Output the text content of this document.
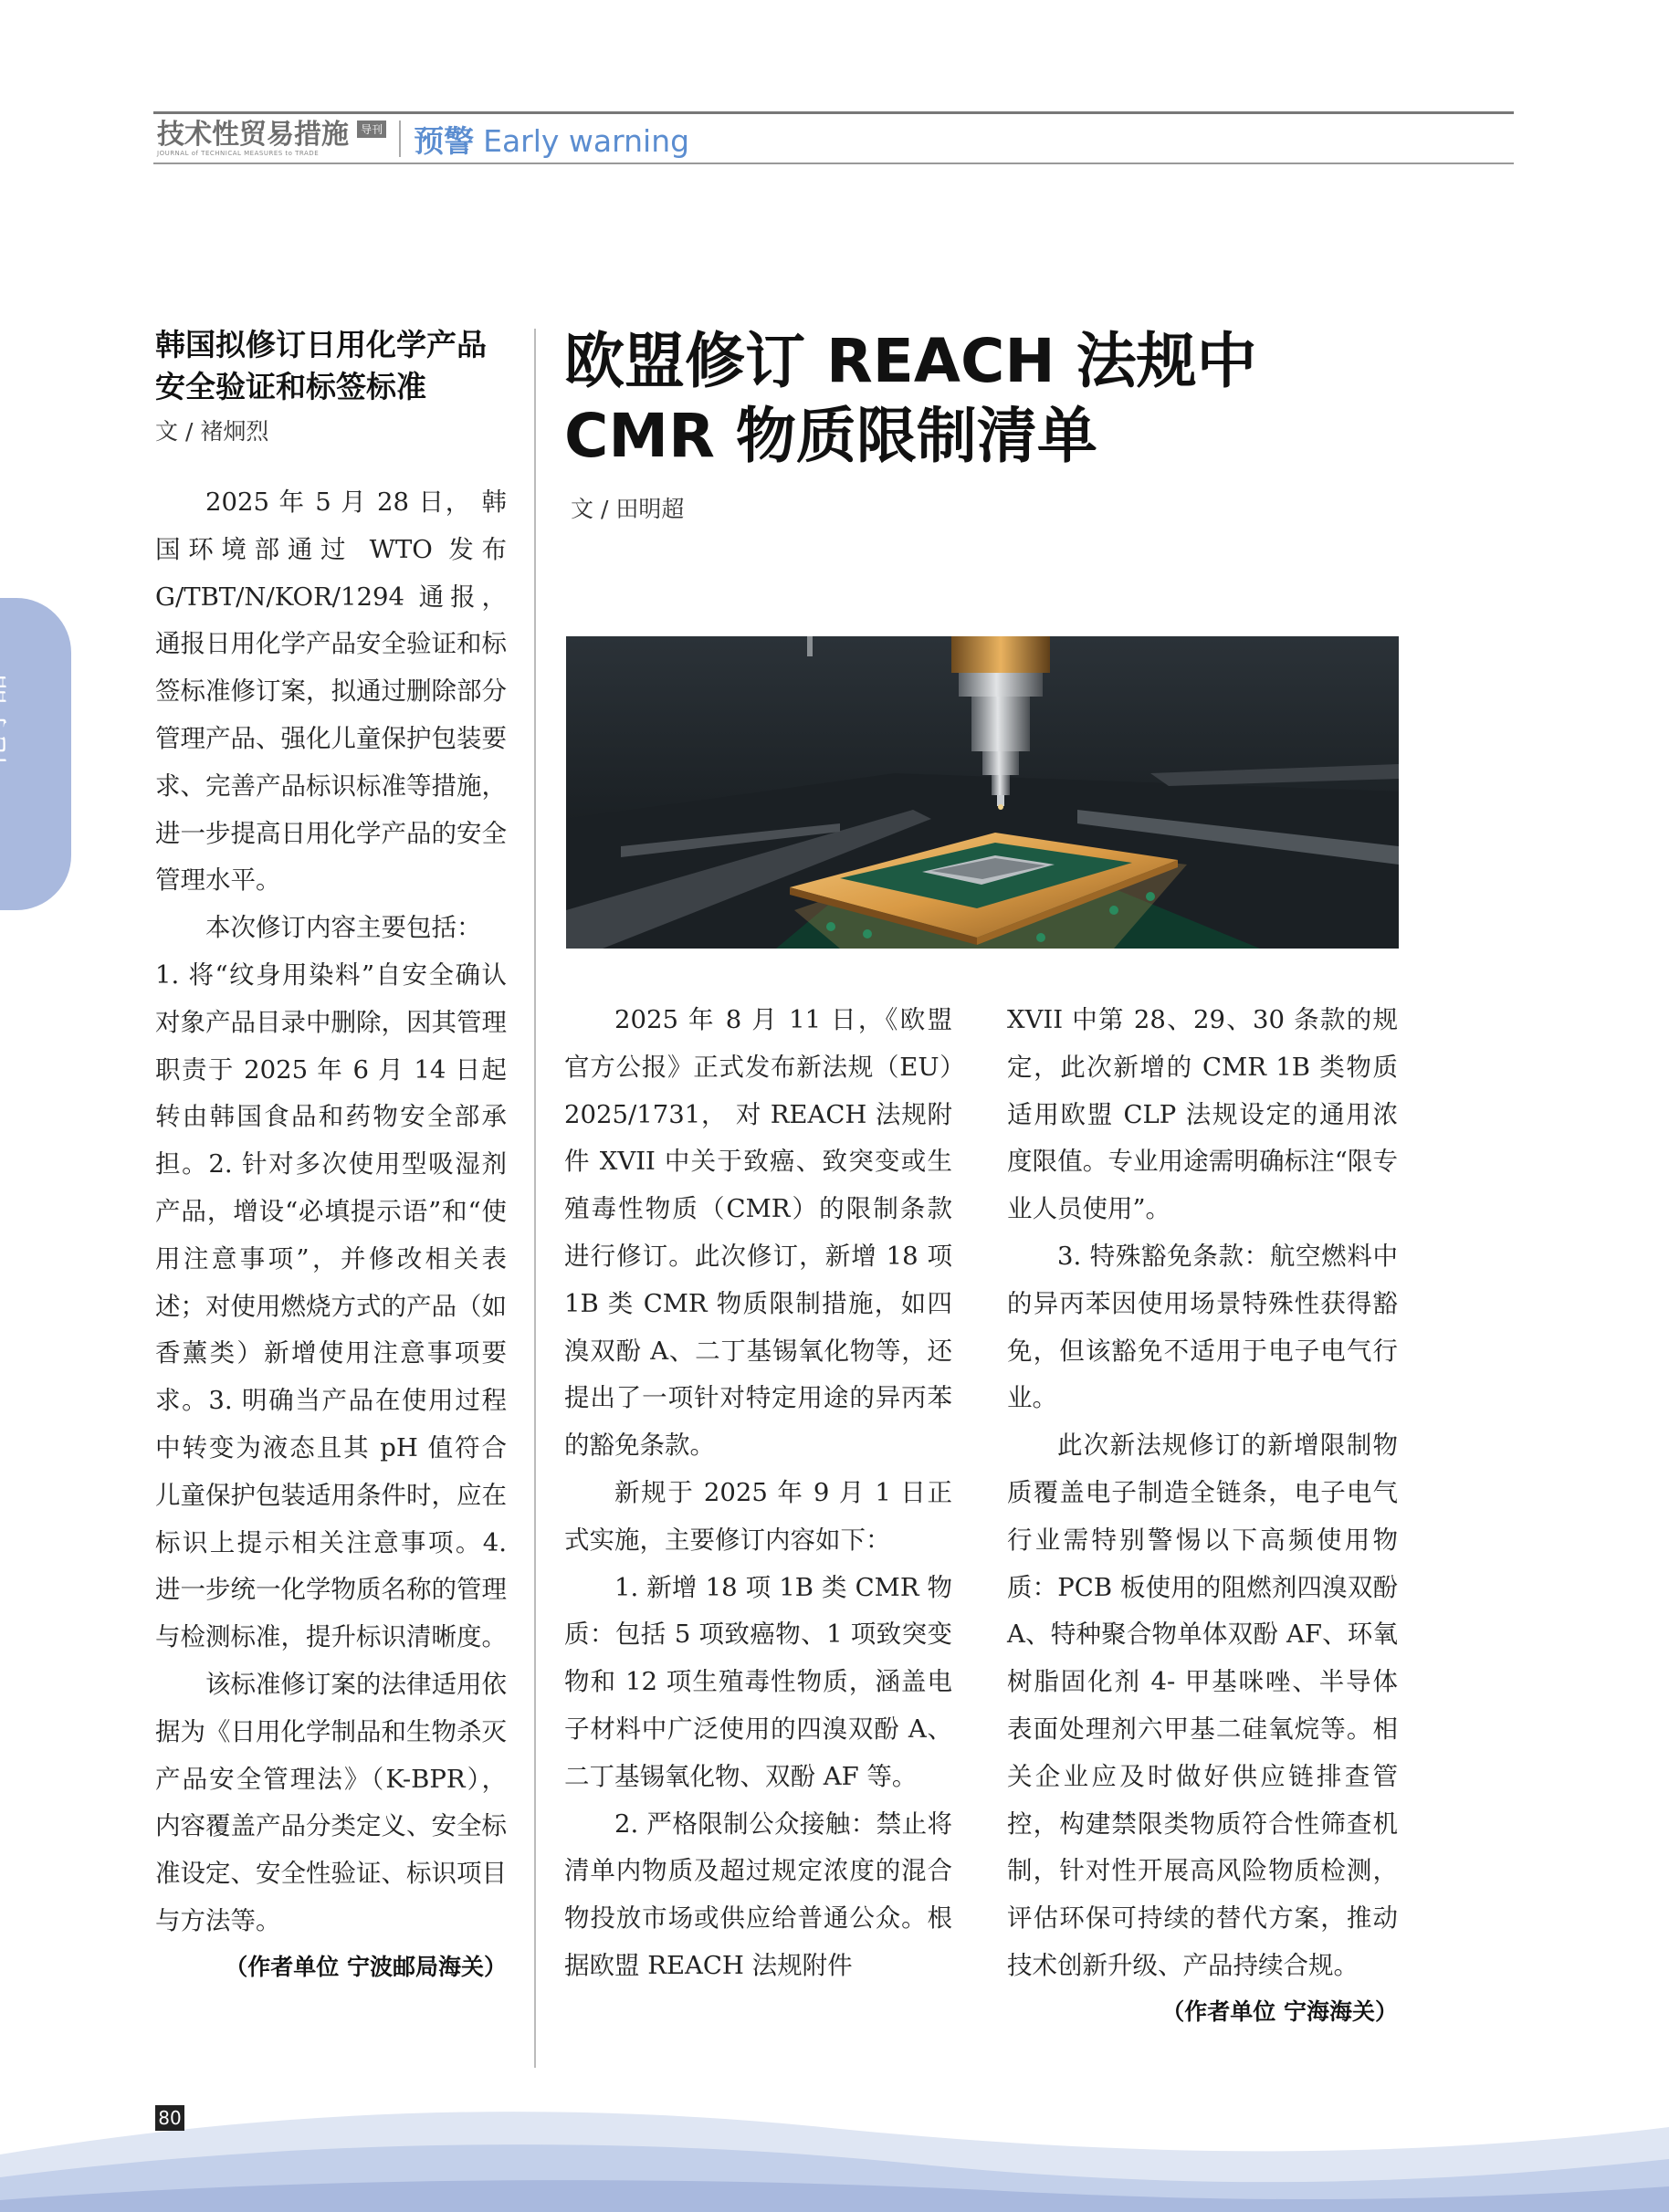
技术性贸易措施 导刊
JOURNAL of TECHNICAL MEASURES to TRADE	预警 Early warning
韩国拟修订日用化学产品
安全验证和标签标准
文 / 褚炯烈

2025 年 5 月 28 日， 韩国环境部通过 WTO 发布 G/TBT/N/KOR/1294 通报，通报日用化学产品安全验证和标签标准修订案，拟通过删除部分管理产品、强化儿童保护包装要求、完善产品标识标准等措施，进一步提高日用化学产品的安全管理水平。

本次修订内容主要包括：

1. 将“纹身用染料”自安全确认对象产品目录中删除，因其管理职责于 2025 年 6 月 14 日起转由韩国食品和药物安全部承担。2. 针对多次使用型吸湿剂产品，增设“必填提示语”和“使用注意事项”，并修改相关表述；对使用燃烧方式的产品（如香薰类）新增使用注意事项要求。3. 明确当产品在使用过程中转变为液态且其 pH 值符合儿童保护包装适用条件时，应在标识上提示相关注意事项。4. 进一步统一化学物质名称的管理与检测标准，提升标识清晰度。

该标准修订案的法律适用依据为《日用化学制品和生物杀灭产品安全管理法》（K-BPR），内容覆盖产品分类定义、安全标准设定、安全性验证、标识项目与方法等。

（作者单位 宁波邮局海关）
欧盟修订 REACH 法规中
CMR 物质限制清单
文 / 田明超

2025 年 8 月 11 日，《欧盟官方公报》正式发布新法规（EU）2025/1731， 对 REACH 法规附件 XVII 中关于致癌、致突变或生殖毒性物质（CMR）的限制条款进行修订。此次修订，新增 18 项 1B 类 CMR 物质限制措施，如四溴双酚 A、二丁基锡氧化物等，还提出了一项针对特定用途的异丙苯的豁免条款。

新规于 2025 年 9 月 1 日正式实施，主要修订内容如下：

1. 新增 18 项 1B 类 CMR 物质：包括 5 项致癌物、1 项致突变物和 12 项生殖毒性物质，涵盖电子材料中广泛使用的四溴双酚 A、二丁基锡氧化物、双酚 AF 等。

2. 严格限制公众接触：禁止将清单内物质及超过规定浓度的混合物投放市场或供应给普通公众。根据欧盟 REACH 法规附件

XVII 中第 28、29、30 条款的规定，此次新增的 CMR 1B 类物质适用欧盟 CLP 法规设定的通用浓度限值。专业用途需明确标注“限专业人员使用”。

3. 特殊豁免条款：航空燃料中的异丙苯因使用场景特殊性获得豁免，但该豁免不适用于电子电气行业。

此次新法规修订的新增限制物质覆盖电子制造全链条，电子电气行业需特别警惕以下高频使用物质：PCB 板使用的阻燃剂四溴双酚 A、特种聚合物单体双酚 AF、环氧树脂固化剂 4- 甲基咪唑、半导体表面处理剂六甲基二硅氧烷等。相关企业应及时做好供应链排查管控，构建禁限类物质符合性筛查机制，针对性开展高风险物质检测，评估环保可持续的替代方案，推动技术创新升级、产品持续合规。

（作者单位 宁海海关）
80
